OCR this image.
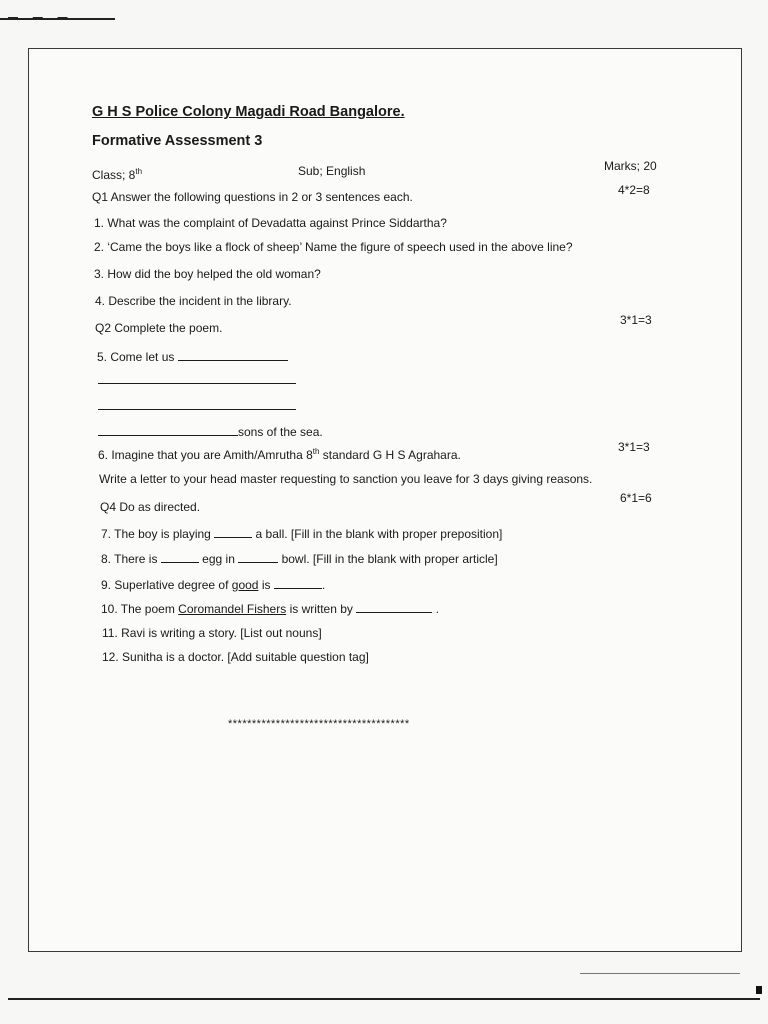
G H S Police Colony Magadi Road Bangalore.
Formative Assessment 3
Class; 8th	Sub; English	Marks; 20
Q1 Answer the following questions in 2 or 3 sentences each.	4*2=8
1. What was the complaint of Devadatta against Prince Siddartha?
2. ‘Came the boys like a flock of sheep’ Name the figure of speech used in the above line?
3. How did the boy helped the old woman?
4. Describe the incident in the library.
3*1=3
Q2 Complete the poem.
5. Come let us
sons of the sea.
6. Imagine that you are Amith/Amrutha 8th standard G H S Agrahara.
3*1=3
Write a letter to your head master requesting to sanction you leave for 3 days giving reasons.
6*1=6
Q4 Do as directed.
7. The boy is playing	a ball. [Fill in the blank with proper preposition]
8. There is	egg in	bowl. [Fill in the blank with proper article]
9. Superlative degree of good is	.
10. The poem Coromandel Fishers is written by	.
11. Ravi is writing a story. [List out nouns]
12. Sunitha is a doctor. [Add suitable question tag]
**************************************
